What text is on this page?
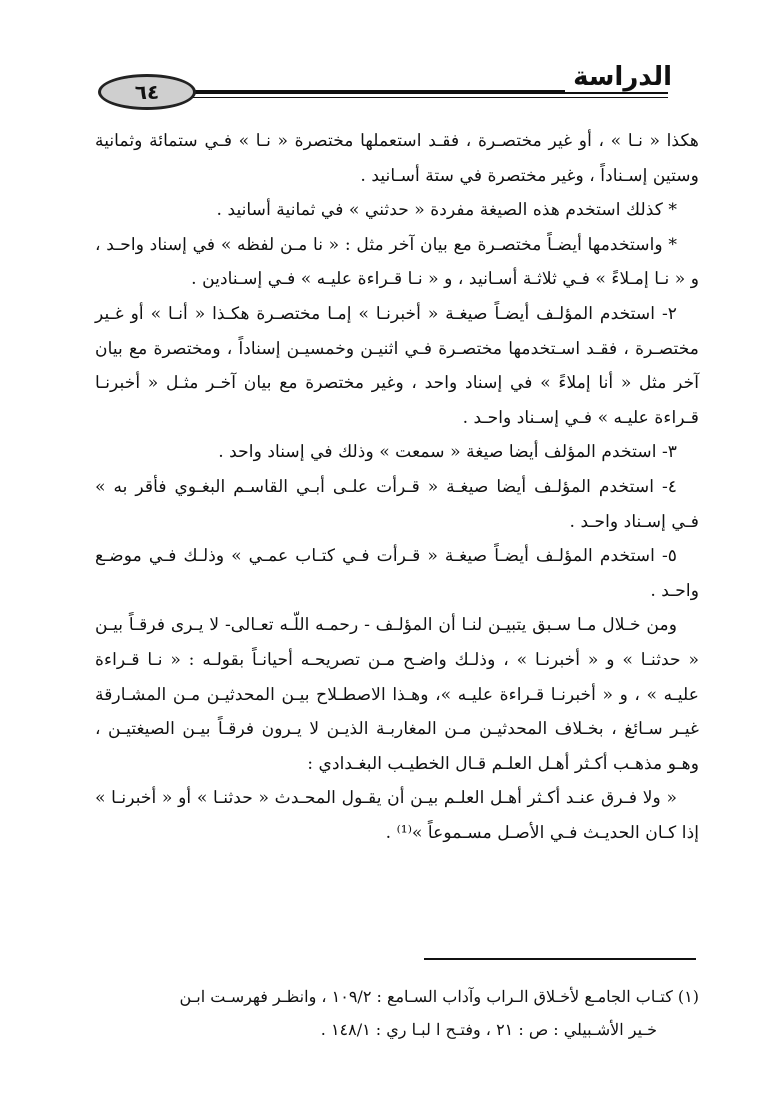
٦٤	الدراسة

هكذا « نـا » ، أو غير مختصـرة ، فقـد استعملها مختصرة « نـا » فـي ستمائة وثمانية وستين إسـناداً ، وغير مختصرة في ستة أسـانيد .

* كذلك استخدم هذه الصيغة مفردة « حدثني » في ثمانية أسانيد .

* واستخدمها أيضـاً مختصـرة مع بيان آخر مثل : « نا مـن لفظه » في إسناد واحـد ، و « نـا إمـلاءً » فـي ثلاثـة أسـانيد ، و « نـا قـراءة عليـه » فـي إسـنادين .

٢- استخدم المؤلـف أيضـاً صيغـة « أخبرنـا » إمـا مختصـرة هكـذا « أنـا » أو غـير مختصـرة ، فقـد اسـتخدمها مختصـرة فـي اثنيـن وخمسيـن إسناداً ، ومختصرة مع بيان آخر مثل « أنا إملاءً » في إسناد واحد ، وغير مختصرة مع بيان آخـر مثـل « أخبرنـا قـراءة عليـه » فـي إسـناد واحـد .

٣- استخدم المؤلف أيضا صيغة « سمعت » وذلك في إسناد واحد .

٤- استخدم المؤلـف أيضا صيغـة « قـرأت علـى أبـي القاسـم البغـوي فأقر به » فـي إسـناد واحـد .

٥- استخدم المؤلـف أيضـاً صيغـة « قـرأت فـي كتـاب عمـي » وذلـك فـي موضـع واحـد .

ومن خـلال مـا سـبق يتبيـن لنـا أن المؤلـف - رحمـه اللّـه تعـالى- لا يـرى فرقـاً بيـن « حدثنـا » و « أخبرنـا » ، وذلـك واضـح مـن تصريحـه أحيانـاً بقولـه : « نـا قـراءة عليـه » ، و « أخبرنـا قـراءة عليـه »، وهـذا الاصطـلاح بيـن المحدثيـن مـن المشـارقة غيـر سـائغ ، بخـلاف المحدثيـن مـن المغاربـة الذيـن لا يـرون فرقـاً بيـن الصيغتيـن ، وهـو مذهـب أكـثر أهـل العلـم قـال الخطيـب البغـدادي :

« ولا فـرق عنـد أكـثر أهـل العلـم بيـن أن يقـول المحـدث « حدثنـا » أو « أخبرنـا » إذا كـان الحديـث فـي الأصـل مسـموعاً »⁽¹⁾ .

(١) كتـاب الجامـع لأخـلاق الـراب وآداب السـامع : ١٠٩/٢ ، وانظـر فهرسـت ابـن

خـير الأشـبيلي : ص : ٢١ ، وفتـح ا لبـا ري : ١٤٨/١ .
